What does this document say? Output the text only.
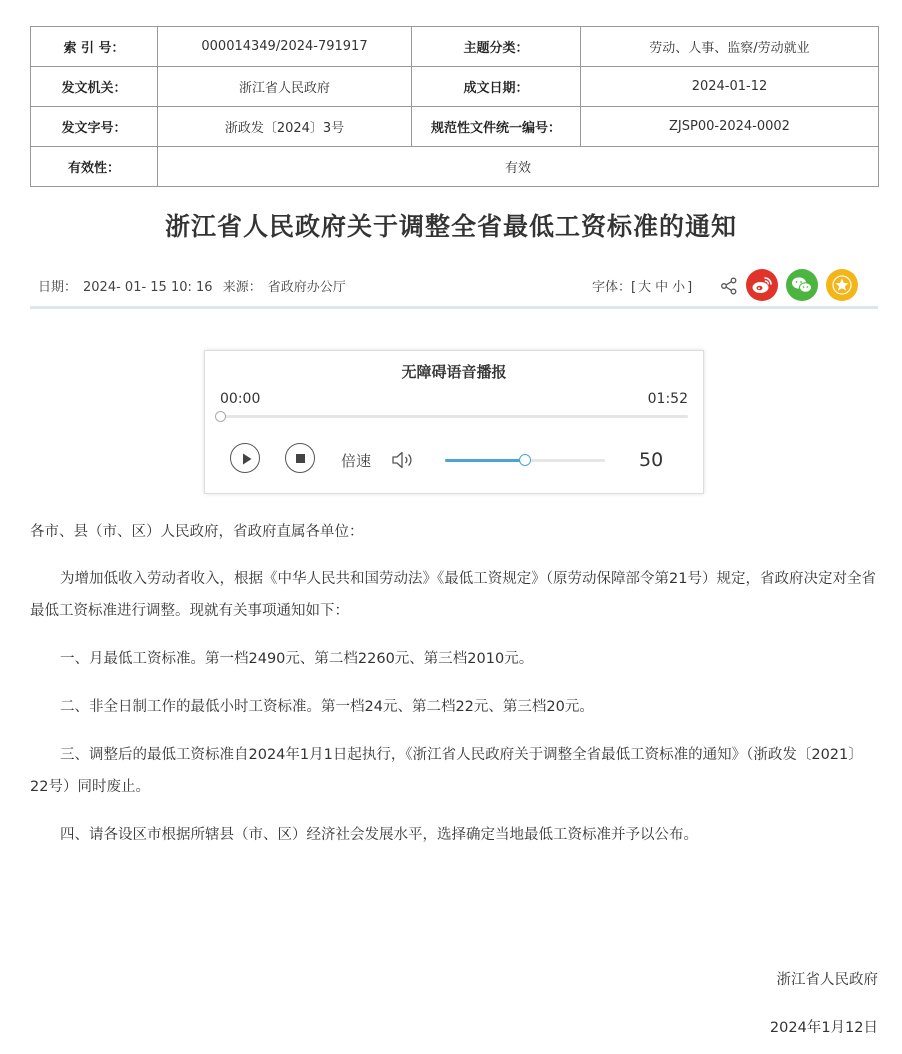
索 引 号：	000014349/2024-791917	主题分类：	劳动、人事、监察/劳动就业
发文机关：	浙江省人民政府	成文日期：	2024-01-12
发文字号：	浙政发〔2024〕3号	规范性文件统一编号：	ZJSP00-2024-0002
有效性：	有效		
浙江省人民政府关于调整全省最低工资标准的通知
日期： 2024- 01- 15 10: 16 来源： 省政府办公厅	字体：[ 大 中 小 ]
无障碍语音播报
00:00	01:52
倍速	50
各市、县（市、区）人民政府，省政府直属各单位：
为增加低收入劳动者收入，根据《中华人民共和国劳动法》《最低工资规定》（原劳动保障部令第21号）规定，省政府决定对全省最低工资标准进行调整。现就有关事项通知如下：
一、月最低工资标准。第一档2490元、第二档2260元、第三档2010元。
二、非全日制工作的最低小时工资标准。第一档24元、第二档22元、第三档20元。
三、调整后的最低工资标准自2024年1月1日起执行，《浙江省人民政府关于调整全省最低工资标准的通知》（浙政发〔2021〕22号）同时废止。
四、请各设区市根据所辖县（市、区）经济社会发展水平，选择确定当地最低工资标准并予以公布。
浙江省人民政府
2024年1月12日
